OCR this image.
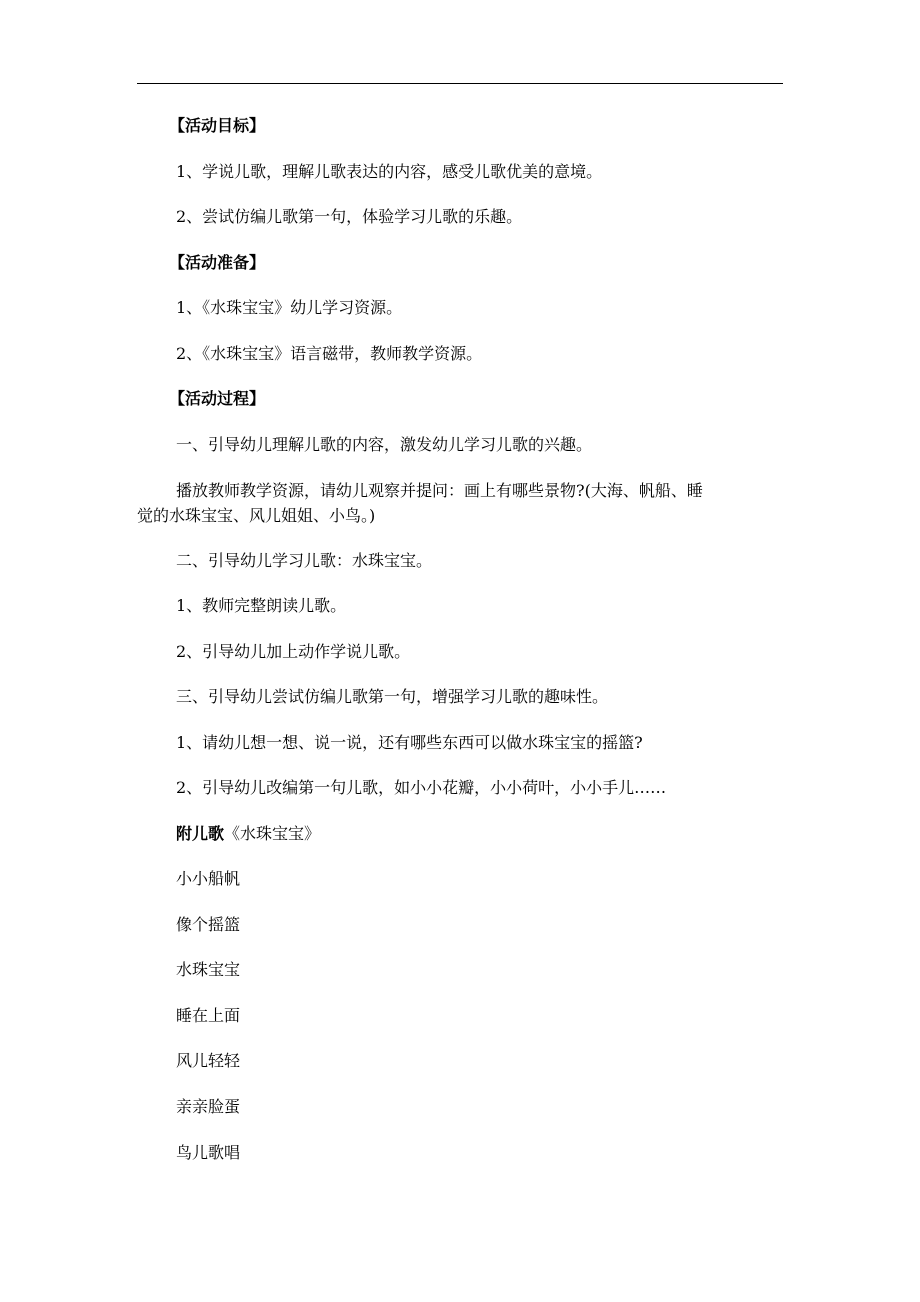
【活动目标】
1、学说儿歌，理解儿歌表达的内容，感受儿歌优美的意境。
2、尝试仿编儿歌第一句，体验学习儿歌的乐趣。
【活动准备】
1、《水珠宝宝》幼儿学习资源。
2、《水珠宝宝》语言磁带，教师教学资源。
【活动过程】
一、引导幼儿理解儿歌的内容，激发幼儿学习儿歌的兴趣。
播放教师教学资源，请幼儿观察并提问：画上有哪些景物?(大海、帆船、睡
觉的水珠宝宝、风儿姐姐、小鸟。)
二、引导幼儿学习儿歌：水珠宝宝。
1、教师完整朗读儿歌。
2、引导幼儿加上动作学说儿歌。
三、引导幼儿尝试仿编儿歌第一句，增强学习儿歌的趣味性。
1、请幼儿想一想、说一说，还有哪些东西可以做水珠宝宝的摇篮?
2、引导幼儿改编第一句儿歌，如小小花瓣，小小荷叶，小小手儿……
附儿歌《水珠宝宝》
小小船帆
像个摇篮
水珠宝宝
睡在上面
风儿轻轻
亲亲脸蛋
鸟儿歌唱
